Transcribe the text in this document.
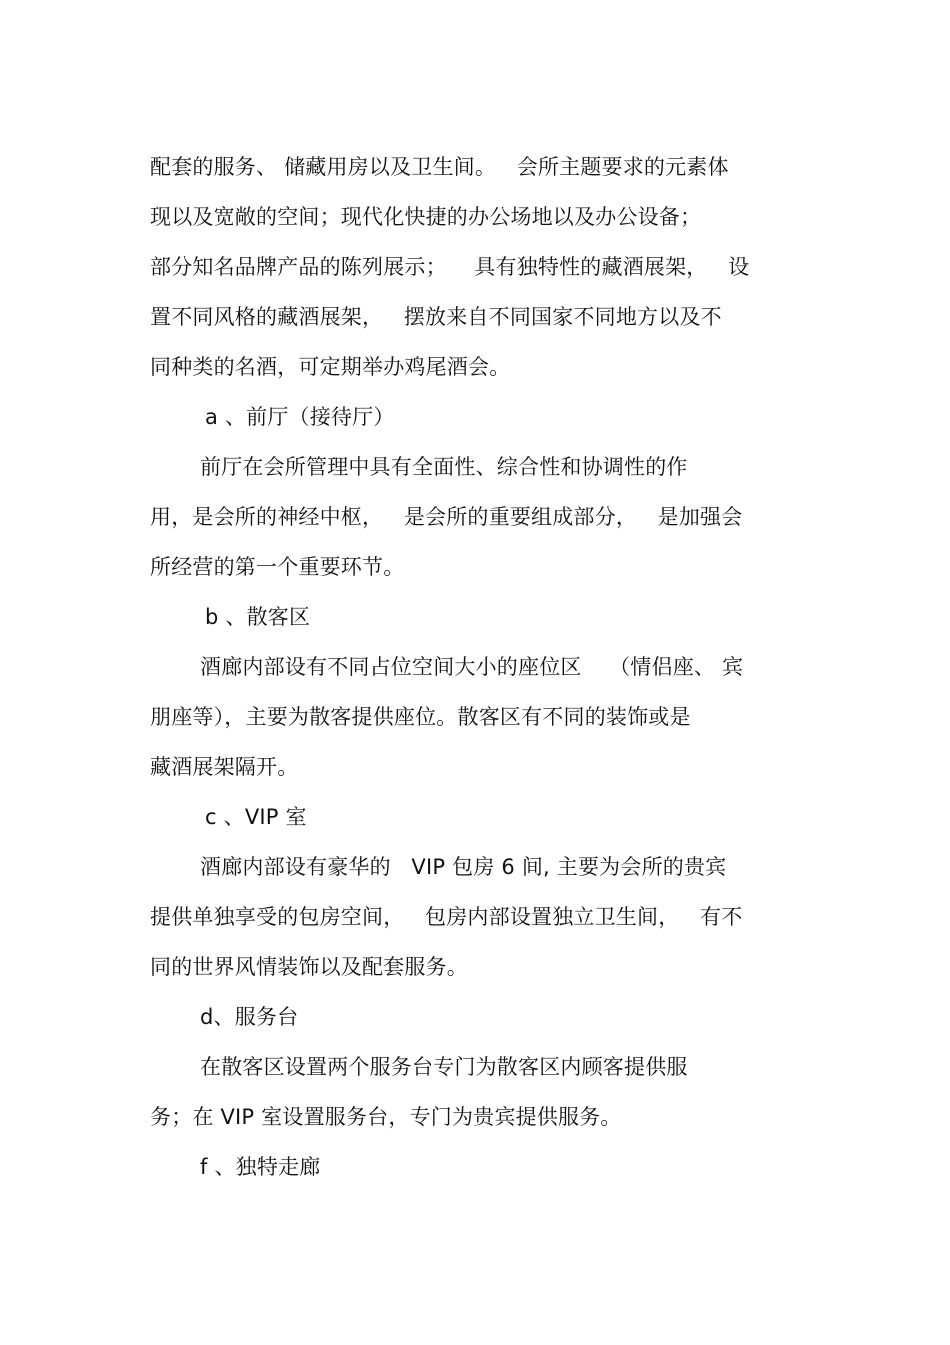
配套的服务、 储藏用房以及卫生间。   会所主题要求的元素体
现以及宽敞的空间；现代化快捷的办公场地以及办公设备；
部分知名品牌产品的陈列展示；    具有独特性的藏酒展架，   设
置不同风格的藏酒展架，   摆放来自不同国家不同地方以及不
同种类的名酒，可定期举办鸡尾酒会。
a 、前厅（接待厅）
前厅在会所管理中具有全面性、综合性和协调性的作
用，是会所的神经中枢，   是会所的重要组成部分，   是加强会
所经营的第一个重要环节。
b 、散客区
酒廊内部设有不同占位空间大小的座位区    （情侣座、 宾
朋座等），主要为散客提供座位。散客区有不同的装饰或是
藏酒展架隔开。
c 、VIP 室
酒廊内部设有豪华的   VIP 包房 6 间, 主要为会所的贵宾
提供单独享受的包房空间，   包房内部设置独立卫生间，   有不
同的世界风情装饰以及配套服务。
d、服务台
在散客区设置两个服务台专门为散客区内顾客提供服
务；在 VIP 室设置服务台，专门为贵宾提供服务。
f 、独特走廊
